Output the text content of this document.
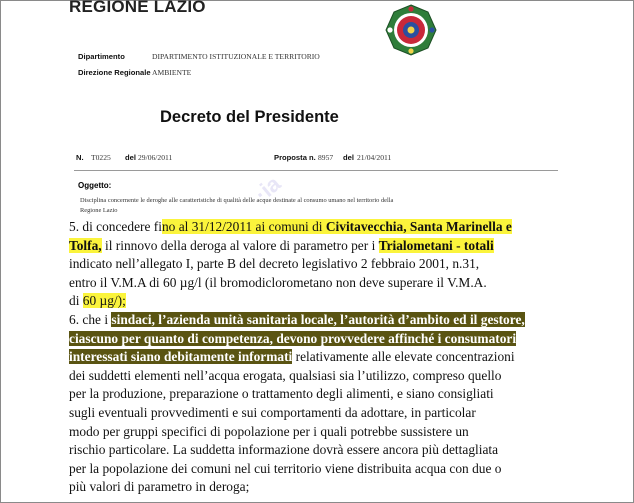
REGIONE LAZIO
Dipartimento	DIPARTIMENTO ISTITUZIONALE E TERRITORIO
Direzione Regionale AMBIENTE
Decreto del Presidente
N. T0225 del 29/06/2011	Proposta n. 8957 del 21/04/2011
Oggetto:
Disciplina concernente le deroghe alle caratteristiche di qualità delle acque destinate al consumo umano nel territorio della
Regione Lazio
·ia
5. di concedere fino al 31/12/2011 ai comuni di Civitavecchia, Santa Marinella e
Tolfa, il rinnovo della deroga al valore di parametro per i Trialometani - totali
indicato nell’allegato I, parte B del decreto legislativo 2 febbraio 2001, n.31,
entro il V.M.A di 60 µg/l (il bromodiclorometano non deve superare il V.M.A.
di 60 µg/);
6. che i sindaci, l’azienda unità sanitaria locale, l’autorità d’ambito ed il gestore,
ciascuno per quanto di competenza, devono provvedere affinché i consumatori
interessati siano debitamente informati relativamente alle elevate concentrazioni
dei suddetti elementi nell’acqua erogata, qualsiasi sia l’utilizzo, compreso quello
per la produzione, preparazione o trattamento degli alimenti, e siano consigliati
sugli eventuali provvedimenti e sui comportamenti da adottare, in particolar
modo per gruppi specifici di popolazione per i quali potrebbe sussistere un
rischio particolare. La suddetta informazione dovrà essere ancora più dettagliata
per la popolazione dei comuni nel cui territorio viene distribuita acqua con due o
più valori di parametro in deroga;
